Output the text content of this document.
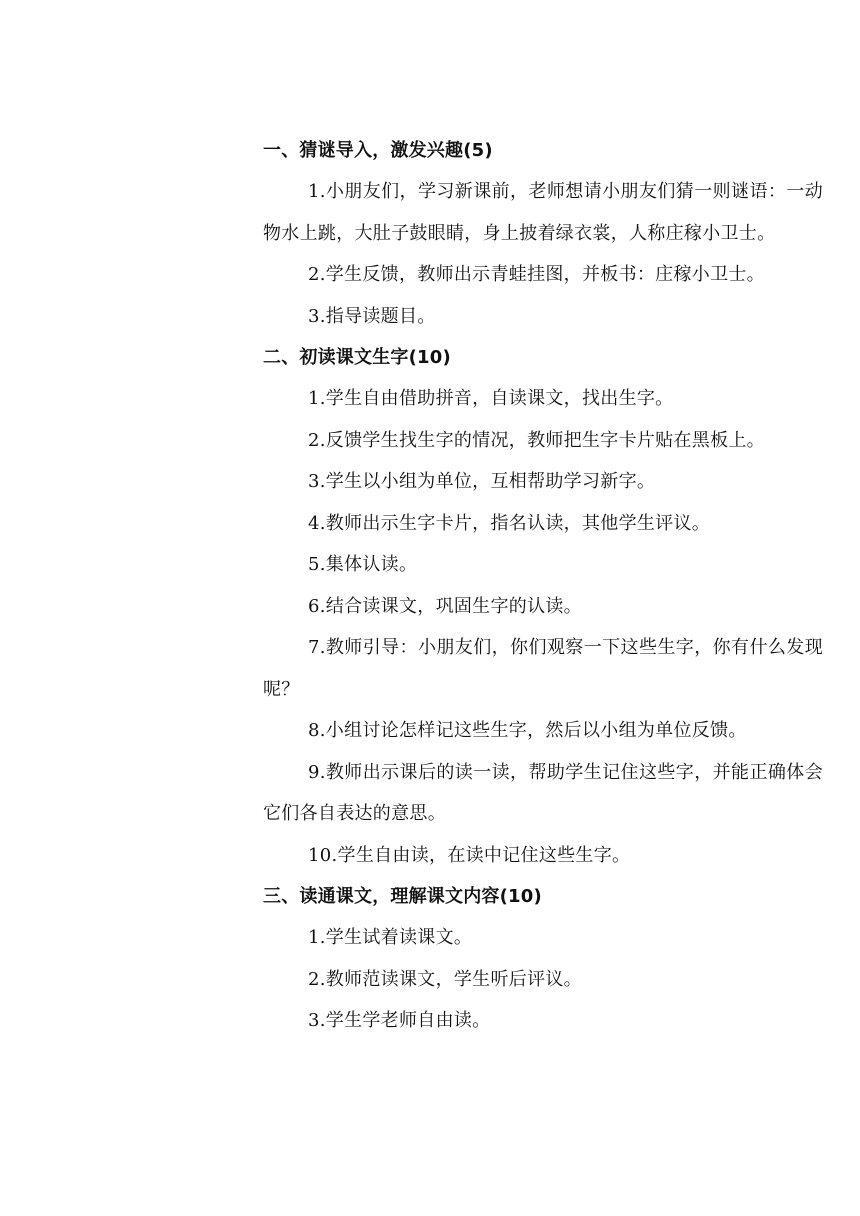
一、猜谜导入，激发兴趣(5)

1.小朋友们，学习新课前，老师想请小朋友们猜一则谜语：一动物水上跳，大肚子鼓眼睛，身上披着绿衣裳，人称庄稼小卫士。

2.学生反馈，教师出示青蛙挂图，并板书：庄稼小卫士。

3.指导读题目。

二、初读课文生字(10)

1.学生自由借助拼音，自读课文，找出生字。

2.反馈学生找生字的情况，教师把生字卡片贴在黑板上。

3.学生以小组为单位，互相帮助学习新字。

4.教师出示生字卡片，指名认读，其他学生评议。

5.集体认读。

6.结合读课文，巩固生字的认读。

7.教师引导：小朋友们，你们观察一下这些生字，你有什么发现呢？

8.小组讨论怎样记这些生字，然后以小组为单位反馈。

9.教师出示课后的读一读，帮助学生记住这些字，并能正确体会它们各自表达的意思。

10.学生自由读，在读中记住这些生字。

三、读通课文，理解课文内容(10)

1.学生试着读课文。

2.教师范读课文，学生听后评议。

3.学生学老师自由读。
